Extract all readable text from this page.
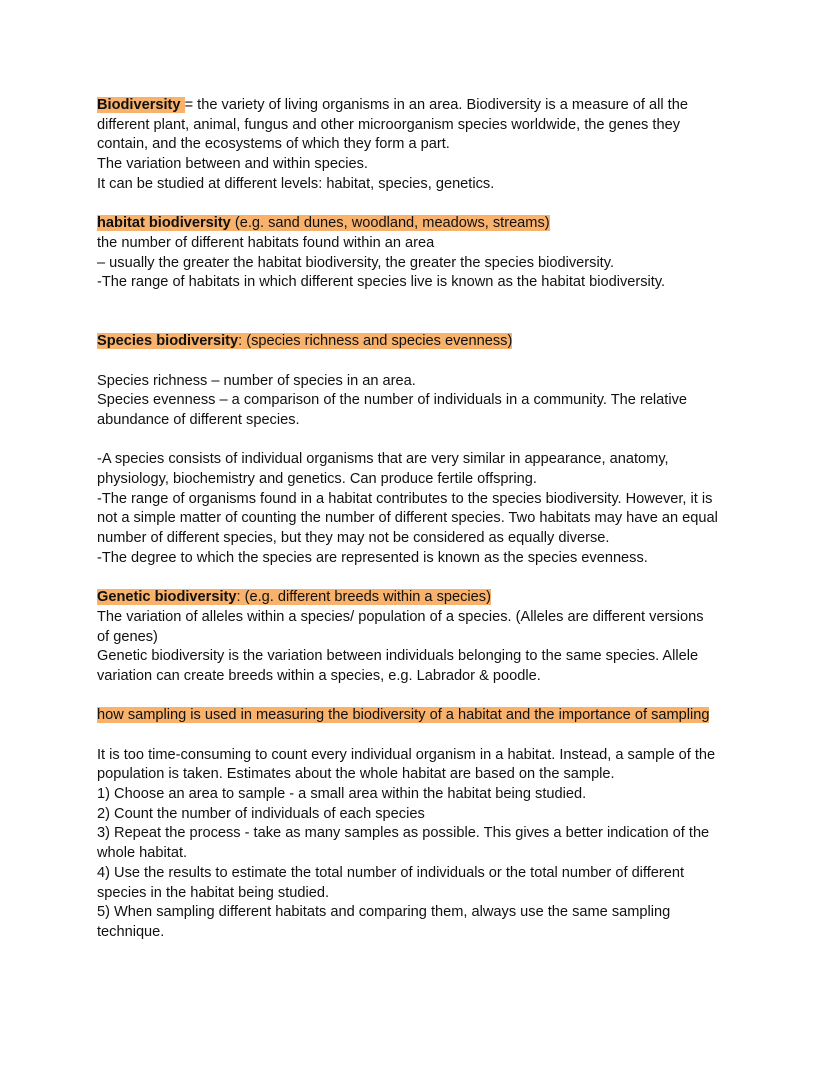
Biodiversity = the variety of living organisms in an area. Biodiversity is a measure of all the
different plant, animal, fungus and other microorganism species worldwide, the genes they
contain, and the ecosystems of which they form a part.
The variation between and within species.
It can be studied at different levels: habitat, species, genetics.
habitat biodiversity (e.g. sand dunes, woodland, meadows, streams)
the number of different habitats found within an area
– usually the greater the habitat biodiversity, the greater the species biodiversity.
-The range of habitats in which different species live is known as the habitat biodiversity.
Species biodiversity: (species richness and species evenness)
Species richness – number of species in an area.
Species evenness – a comparison of the number of individuals in a community. The relative
abundance of different species.
-A species consists of individual organisms that are very similar in appearance, anatomy,
physiology, biochemistry and genetics. Can produce fertile offspring.
-The range of organisms found in a habitat contributes to the species biodiversity. However, it is
not a simple matter of counting the number of different species. Two habitats may have an equal
number of different species, but they may not be considered as equally diverse.
-The degree to which the species are represented is known as the species evenness.
Genetic biodiversity: (e.g. different breeds within a species)
The variation of alleles within a species/ population of a species. (Alleles are different versions
of genes)
Genetic biodiversity is the variation between individuals belonging to the same species. Allele
variation can create breeds within a species, e.g. Labrador & poodle.
how sampling is used in measuring the biodiversity of a habitat and the importance of sampling
It is too time-consuming to count every individual organism in a habitat. Instead, a sample of the
population is taken. Estimates about the whole habitat are based on the sample.
1) Choose an area to sample - a small area within the habitat being studied.
2) Count the number of individuals of each species
3) Repeat the process - take as many samples as possible. This gives a better indication of the
whole habitat.
4) Use the results to estimate the total number of individuals or the total number of different
species in the habitat being studied.
5) When sampling different habitats and comparing them, always use the same sampling
technique.
